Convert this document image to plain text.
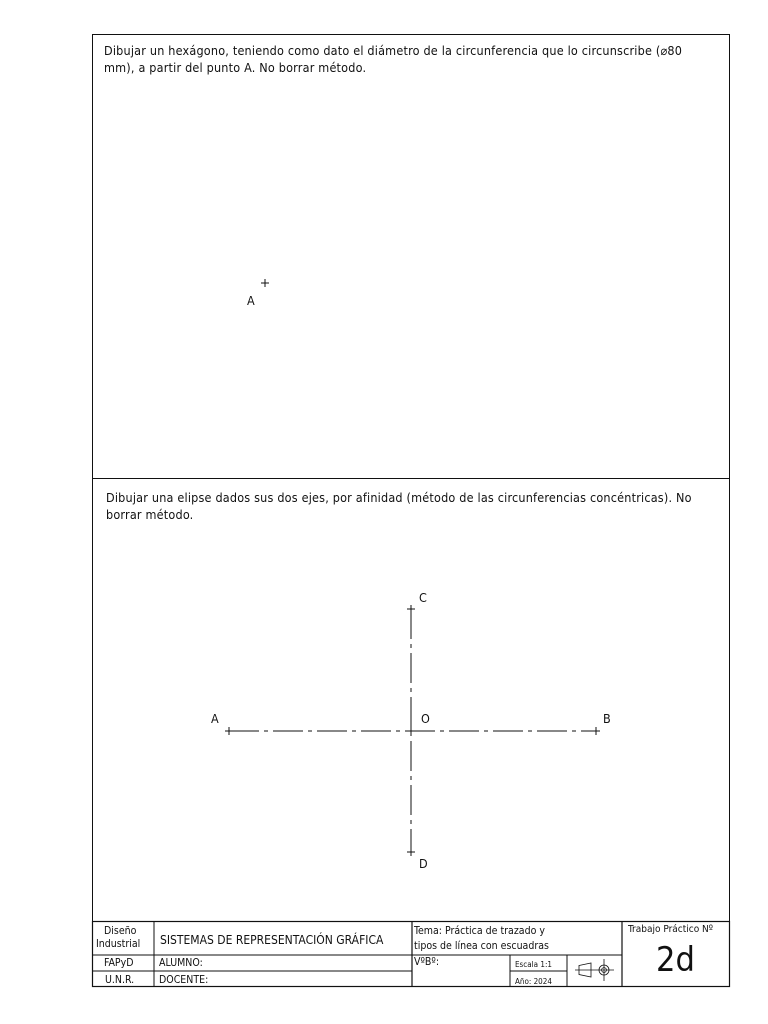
Dibujar un hexágono, teniendo como dato el diámetro de la circunferencia que lo circunscribe (⌀80 mm), a partir del punto A. No borrar método.
Dibujar una elipse dados sus dos ejes, por afinidad (método de las circunferencias concéntricas). No borrar método.
A
A	B
C
D
O
Diseño
Industrial
FAPyD
U.N.R.
SISTEMAS DE REPRESENTACIÓN GRÁFICA
ALUMNO:
DOCENTE:
Tema: Práctica de trazado y
tipos de línea con escuadras
VºBº:	Escala 1:1
Año: 2024
Trabajo Práctico Nº
2d
